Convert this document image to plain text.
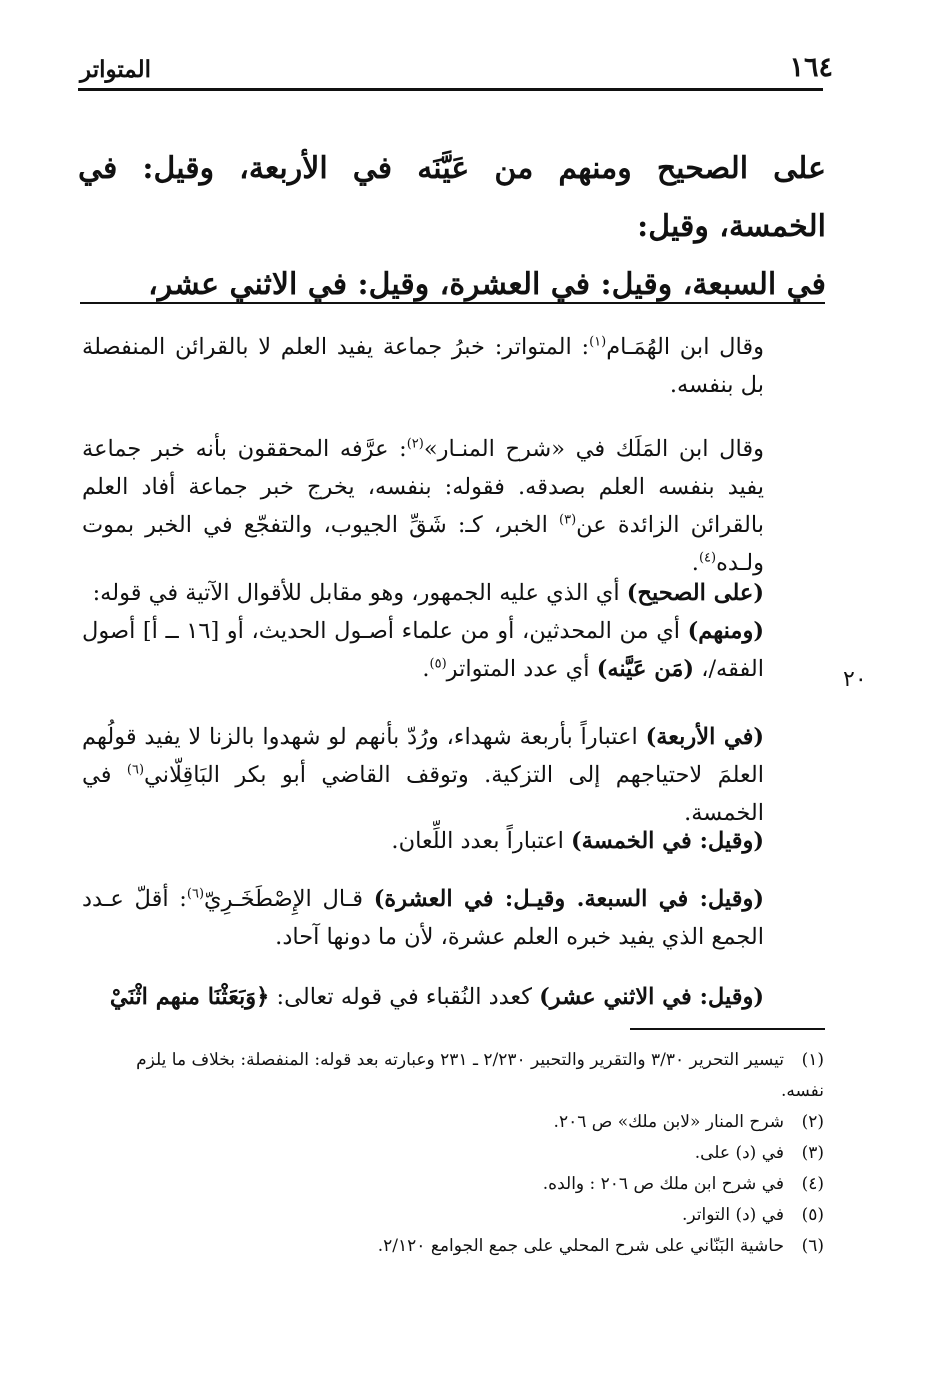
١٦٤
المتواتر

على الصحيح ومنهم من عَيَّنَه في الأربعة، وقيل: في الخمسة، وقيل:

في السبعة، وقيل: في العشرة، وقيل: في الاثني عشر،

٢٠

وقال ابن الهُمَـام$^{(١)}$: المتواتر: خبرُ جماعة يفيد العلم لا بالقرائن المنفصلة بل بنفسه.

وقال ابن المَلَك في «شرح المنـار»$^{(٢)}$: عرَّفه المحققون بأنه خبر جماعة يفيد بنفسه العلم بصدقه. فقوله: بنفسه، يخرج خبر جماعة أفاد العلم بالقرائن الزائدة عن$^{(٣)}$ الخبر، كـ: شَقِّ الجيوب، والتفجّع في الخبر بموت ولـده$^{(٤)}$.

(على الصحيح) أي الذي عليه الجمهور، وهو مقابل للأقوال الآتية في قوله:

(ومنهم) أي من المحدثين، أو من علماء أصـول الحديث، أو [١٦ ــ أ] أصول الفقه/، (مَن عَيَّنه) أي عدد المتواتر$^{(٥)}$.

(في الأربعة) اعتباراً بأربعة شهداء، ورُدّ بأنهم لو شهدوا بالزنا لا يفيد قولُهم العلمَ لاحتياجهم إلى التزكية. وتوقف القاضي أبو بكر البَاقِلّاني$^{(٦)}$ في الخمسة.

(وقيل: في الخمسة) اعتباراً بعدد اللِّعان.

(وقيل: في السبعة. وقيـل: في العشرة) قـال الإِصْطَخَـرِيّ$^{(٦)}$: أقلّ عـدد الجمع الذي يفيد خبره العلم عشرة، لأن ما دونها آحاد.

(وقيل: في الاثني عشر) كعدد النُقباء في قوله تعالى: ﴿وَبَعَثْنَا منهم اثْنَيْ

(١)
تيسير التحرير ٣/٣٠ والتقرير والتحبير ٢/٢٣٠ ـ ٢٣١ وعبارته بعد قوله: المنفصلة: بخلاف ما يلزم
نفسه.
(٢)
شرح المنار «لابن ملك» ص ٢٠٦.
(٣)
في (د) على.
(٤)
في شرح ابن ملك ص ٢٠٦ : والده.
(٥)
في (د) التواتر.
(٦)
حاشية البَنّاني على شرح المحلي على جمع الجوامع ٢/١٢٠.
